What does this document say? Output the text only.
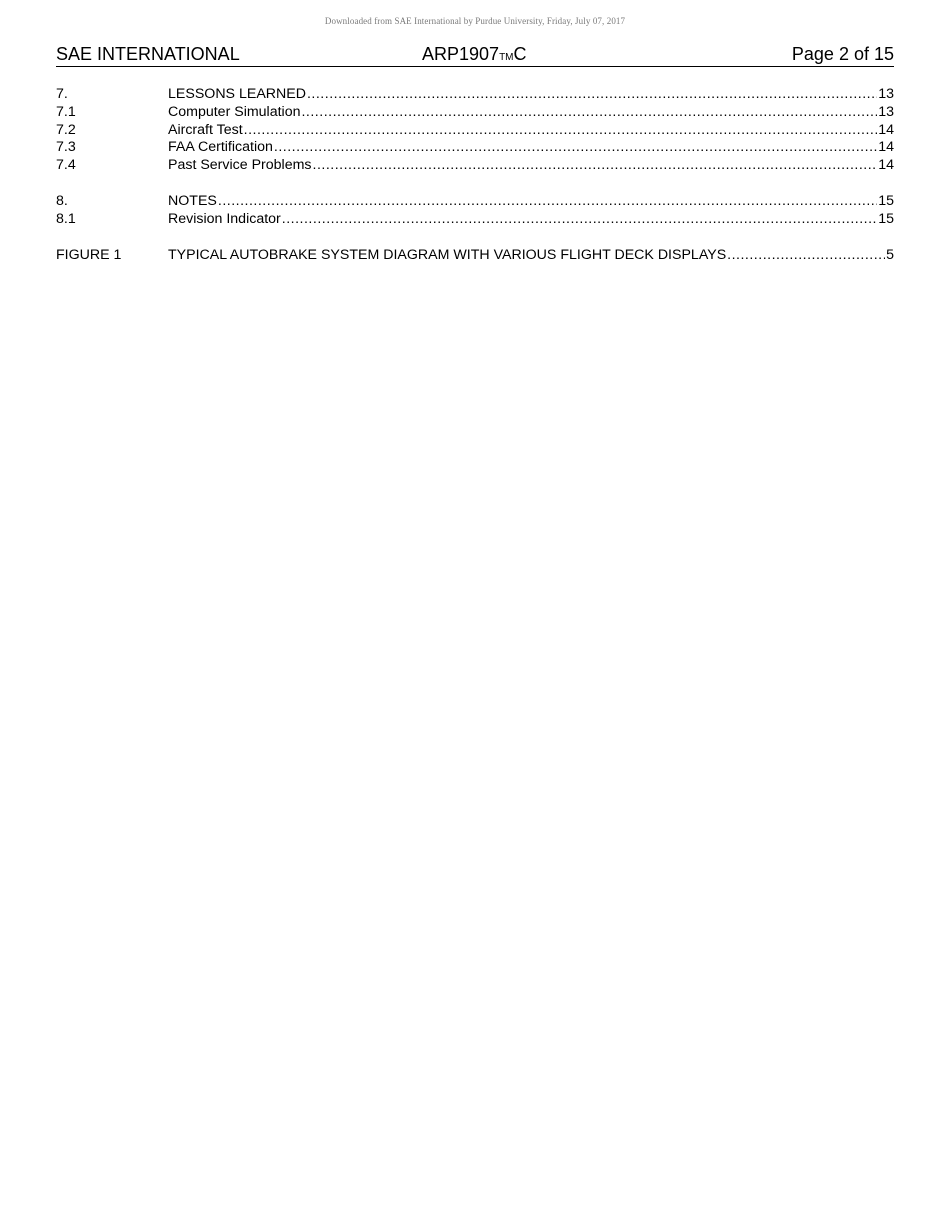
Downloaded from SAE International by Purdue University, Friday, July 07, 2017
SAE INTERNATIONAL	ARP1907TMC	Page 2 of 15
7.	LESSONS LEARNED .....	13
7.1	Computer Simulation .....	13
7.2	Aircraft Test .....	14
7.3	FAA Certification .....	14
7.4	Past Service Problems .....	14
8.	NOTES .....	15
8.1	Revision Indicator .....	15
FIGURE 1	TYPICAL AUTOBRAKE SYSTEM DIAGRAM WITH VARIOUS FLIGHT DECK DISPLAYS .....	5
